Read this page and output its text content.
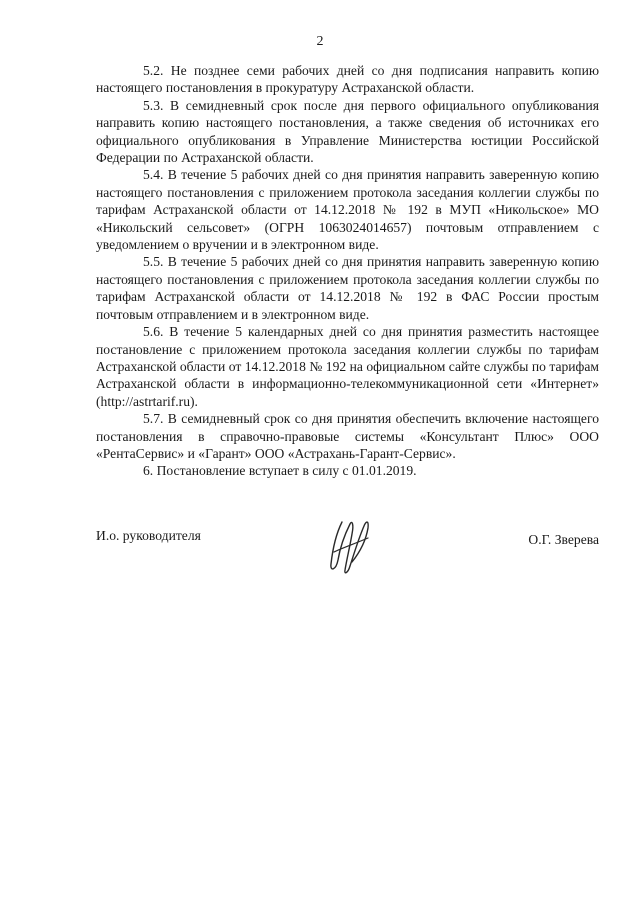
2

5.2. Не позднее семи рабочих дней со дня подписания направить копию настоящего постановления в прокуратуру Астраханской области.

5.3. В семидневный срок после дня первого официального опубликования направить копию настоящего постановления, а также сведения об источниках его официального опубликования в Управление Министерства юстиции Российской Федерации по Астраханской области.

5.4. В течение 5 рабочих дней со дня принятия направить заверенную копию настоящего постановления с приложением протокола заседания коллегии службы по тарифам Астраханской области от 14.12.2018 № 192 в МУП «Никольское» МО «Никольский сельсовет» (ОГРН 1063024014657) почтовым отправлением с уведомлением о вручении и в электронном виде.

5.5. В течение 5 рабочих дней со дня принятия направить заверенную копию настоящего постановления с приложением протокола заседания коллегии службы по тарифам Астраханской области от 14.12.2018 № 192 в ФАС России простым почтовым отправлением и в электронном виде.

5.6. В течение 5 календарных дней со дня принятия разместить настоящее постановление с приложением протокола заседания коллегии службы по тарифам Астраханской области от 14.12.2018 № 192 на официальном сайте службы по тарифам Астраханской области в информационно-телекоммуникационной сети «Интернет» (http://astrtarif.ru).

5.7. В семидневный срок со дня принятия обеспечить включение настоящего постановления в справочно-правовые системы «Консультант Плюс» ООО «РентаСервис» и «Гарант» ООО «Астрахань-Гарант-Сервис».

6. Постановление вступает в силу с 01.01.2019.

И.о. руководителя	О.Г. Зверева
